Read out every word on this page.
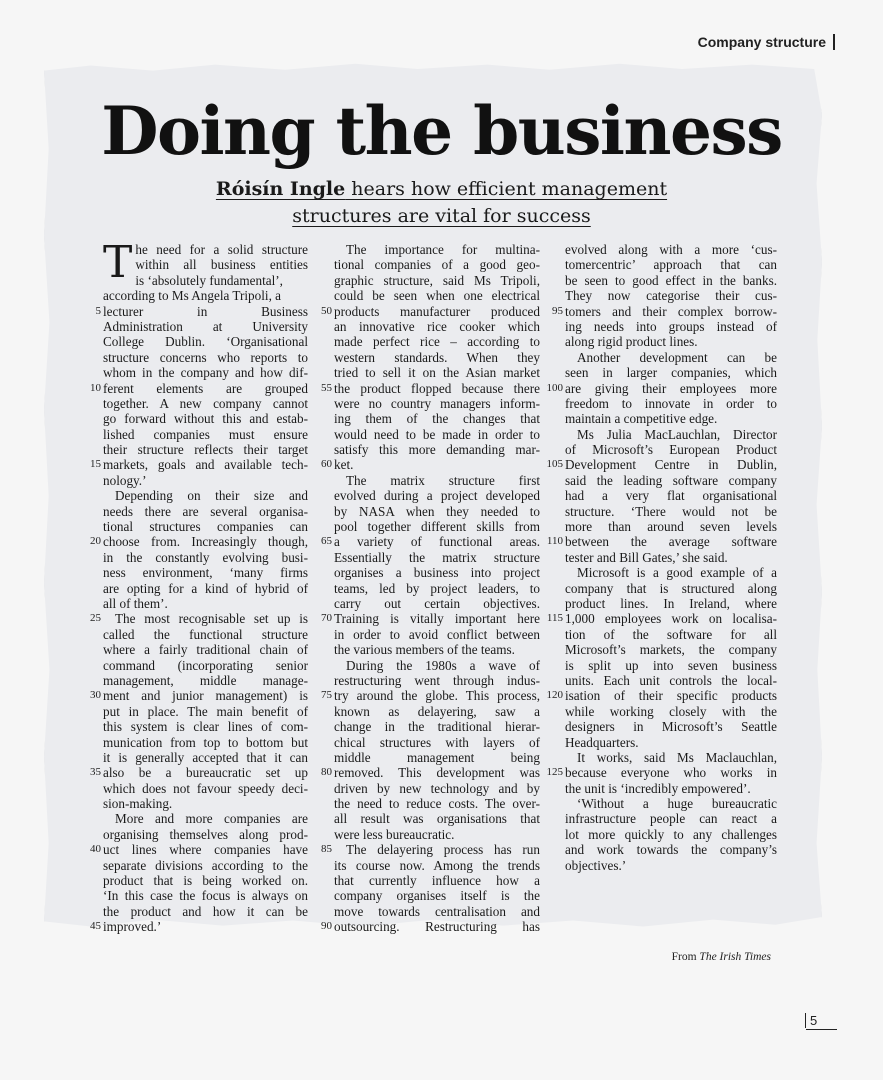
Company structure
Doing the business
Róisín Ingle hears how efficient management
structures are vital for success
T he need for a solid structure
within all business entities
is ‘absolutely fundamental’,
according to Ms Angela Tripoli, a
5 lecturer in Business
Administration at University
College Dublin. ‘Organisational
structure concerns who reports to
whom in the company and how dif-
10 ferent elements are grouped
together. A new company cannot
go forward without this and estab-
lished companies must ensure
their structure reflects their target
15 markets, goals and available tech-
nology.’
Depending on their size and
needs there are several organisa-
tional structures companies can
20 choose from. Increasingly though,
in the constantly evolving busi-
ness environment, ‘many firms
are opting for a kind of hybrid of
all of them’.
25 The most recognisable set up is
called the functional structure
where a fairly traditional chain of
command (incorporating senior
management, middle manage-
30 ment and junior management) is
put in place. The main benefit of
this system is clear lines of com-
munication from top to bottom but
it is generally accepted that it can
35 also be a bureaucratic set up
which does not favour speedy deci-
sion-making.
More and more companies are
organising themselves along prod-
40 uct lines where companies have
separate divisions according to the
product that is being worked on.
‘In this case the focus is always on
the product and how it can be
45 improved.’
The importance for multina-
tional companies of a good geo-
graphic structure, said Ms Tripoli,
could be seen when one electrical
50 products manufacturer produced
an innovative rice cooker which
made perfect rice – according to
western standards. When they
tried to sell it on the Asian market
55 the product flopped because there
were no country managers inform-
ing them of the changes that
would need to be made in order to
satisfy this more demanding mar-
60 ket.
The matrix structure first
evolved during a project developed
by NASA when they needed to
pool together different skills from
65 a variety of functional areas.
Essentially the matrix structure
organises a business into project
teams, led by project leaders, to
carry out certain objectives.
70 Training is vitally important here
in order to avoid conflict between
the various members of the teams.
During the 1980s a wave of
restructuring went through indus-
75 try around the globe. This process,
known as delayering, saw a
change in the traditional hierar-
chical structures with layers of
middle management being
80 removed. This development was
driven by new technology and by
the need to reduce costs. The over-
all result was organisations that
were less bureaucratic.
85 The delayering process has run
its course now. Among the trends
that currently influence how a
company organises itself is the
move towards centralisation and
90 outsourcing. Restructuring has
evolved along with a more ‘cus-
tomercentric’ approach that can
be seen to good effect in the banks.
They now categorise their cus-
95 tomers and their complex borrow-
ing needs into groups instead of
along rigid product lines.
Another development can be
seen in larger companies, which
100 are giving their employees more
freedom to innovate in order to
maintain a competitive edge.
Ms Julia MacLauchlan, Director
of Microsoft’s European Product
105 Development Centre in Dublin,
said the leading software company
had a very flat organisational
structure. ‘There would not be
more than around seven levels
110 between the average software
tester and Bill Gates,’ she said.
Microsoft is a good example of a
company that is structured along
product lines. In Ireland, where
115 1,000 employees work on localisa-
tion of the software for all
Microsoft’s markets, the company
is split up into seven business
units. Each unit controls the local-
120 isation of their specific products
while working closely with the
designers in Microsoft’s Seattle
Headquarters.
It works, said Ms Maclauchlan,
125 because everyone who works in
the unit is ‘incredibly empowered’.
‘Without a huge bureaucratic
infrastructure people can react a
lot more quickly to any challenges
and work towards the company’s
objectives.’
From The Irish Times
5
